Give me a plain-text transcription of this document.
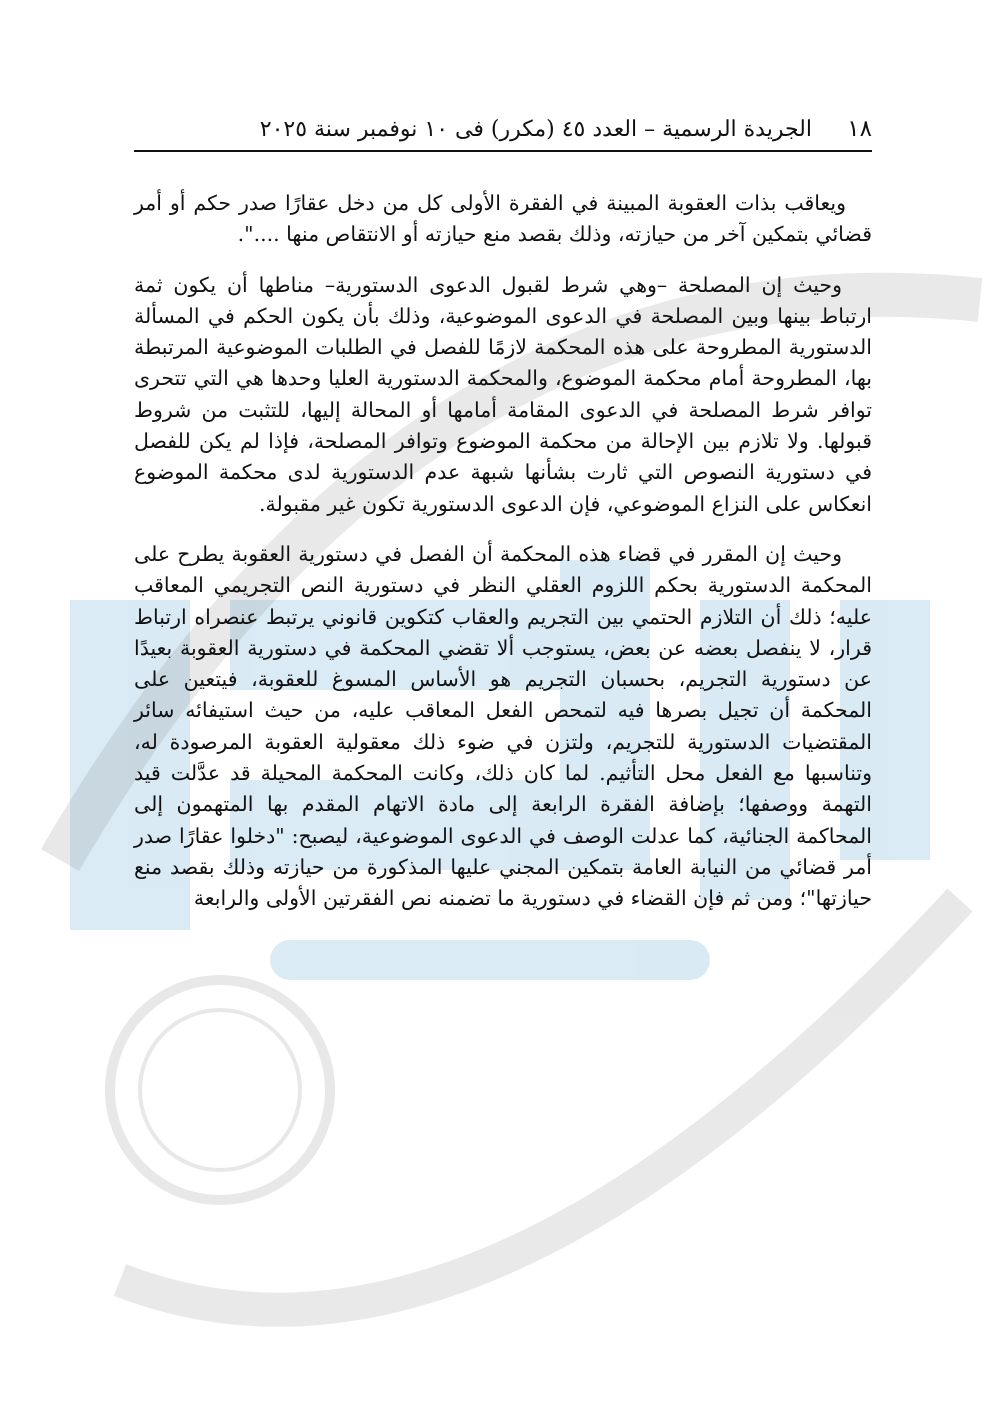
١٨
الجريدة الرسمية – العدد ٤٥ (مكرر) فى ١٠ نوفمبر سنة ٢٠٢٥

ويعاقب بذات العقوبة المبينة في الفقرة الأولى كل من دخل عقارًا صدر حكم أو أمر قضائي بتمكين آخر من حيازته، وذلك بقصد منع حيازته أو الانتقاص منها ....".

وحيث إن المصلحة –وهي شرط لقبول الدعوى الدستورية– مناطها أن يكون ثمة ارتباط بينها وبين المصلحة في الدعوى الموضوعية، وذلك بأن يكون الحكم في المسألة الدستورية المطروحة على هذه المحكمة لازمًا للفصل في الطلبات الموضوعية المرتبطة بها، المطروحة أمام محكمة الموضوع، والمحكمة الدستورية العليا وحدها هي التي تتحرى توافر شرط المصلحة في الدعوى المقامة أمامها أو المحالة إليها، للتثبت من شروط قبولها. ولا تلازم بين الإحالة من محكمة الموضوع وتوافر المصلحة، فإذا لم يكن للفصل في دستورية النصوص التي ثارت بشأنها شبهة عدم الدستورية لدى محكمة الموضوع انعكاس على النزاع الموضوعي، فإن الدعوى الدستورية تكون غير مقبولة.

وحيث إن المقرر في قضاء هذه المحكمة أن الفصل في دستورية العقوبة يطرح على المحكمة الدستورية بحكم اللزوم العقلي النظر في دستورية النص التجريمي المعاقب عليه؛ ذلك أن التلازم الحتمي بين التجريم والعقاب كتكوين قانوني يرتبط عنصراه ارتباط قرار، لا ينفصل بعضه عن بعض، يستوجب ألا تقضي المحكمة في دستورية العقوبة بعيدًا عن دستورية التجريم، بحسبان التجريم هو الأساس المسوغ للعقوبة، فيتعين على المحكمة أن تجيل بصرها فيه لتمحص الفعل المعاقب عليه، من حيث استيفائه سائر المقتضيات الدستورية للتجريم، ولتزن في ضوء ذلك معقولية العقوبة المرصودة له، وتناسبها مع الفعل محل التأثيم. لما كان ذلك، وكانت المحكمة المحيلة قد عدَّلت قيد التهمة ووصفها؛ بإضافة الفقرة الرابعة إلى مادة الاتهام المقدم بها المتهمون إلى المحاكمة الجنائية، كما عدلت الوصف في الدعوى الموضوعية، ليصبح: "دخلوا عقارًا صدر أمر قضائي من النيابة العامة بتمكين المجني عليها المذكورة من حيازته وذلك بقصد منع حيازتها"؛ ومن ثم فإن القضاء في دستورية ما تضمنه نص الفقرتين الأولى والرابعة
